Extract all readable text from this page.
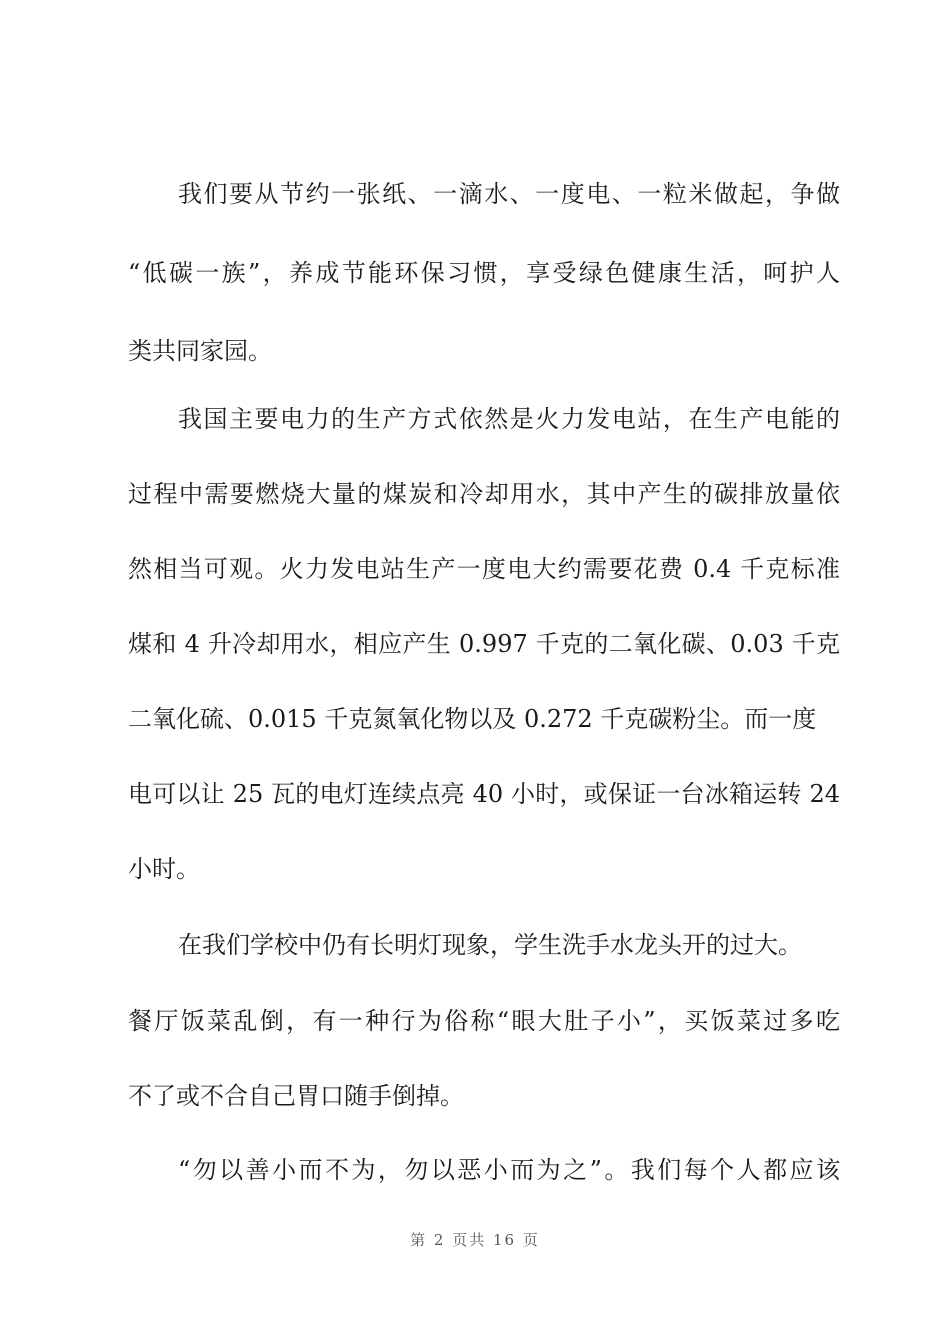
我们要从节约一张纸、一滴水、一度电、一粒米做起，争做
“低碳一族”，养成节能环保习惯，享受绿色健康生活，呵护人
类共同家园。
我国主要电力的生产方式依然是火力发电站，在生产电能的
过程中需要燃烧大量的煤炭和冷却用水，其中产生的碳排放量依
然相当可观。火力发电站生产一度电大约需要花费 0.4 千克标准
煤和 4 升冷却用水，相应产生 0.997 千克的二氧化碳、0.03 千克
二氧化硫、0.015 千克氮氧化物以及 0.272 千克碳粉尘。而一度
电可以让 25 瓦的电灯连续点亮 40 小时，或保证一台冰箱运转 24
小时。
在我们学校中仍有长明灯现象，学生洗手水龙头开的过大。
餐厅饭菜乱倒，有一种行为俗称“眼大肚子小”，买饭菜过多吃
不了或不合自己胃口随手倒掉。
“勿以善小而不为，勿以恶小而为之”。我们每个人都应该
第 2 页共 16 页
